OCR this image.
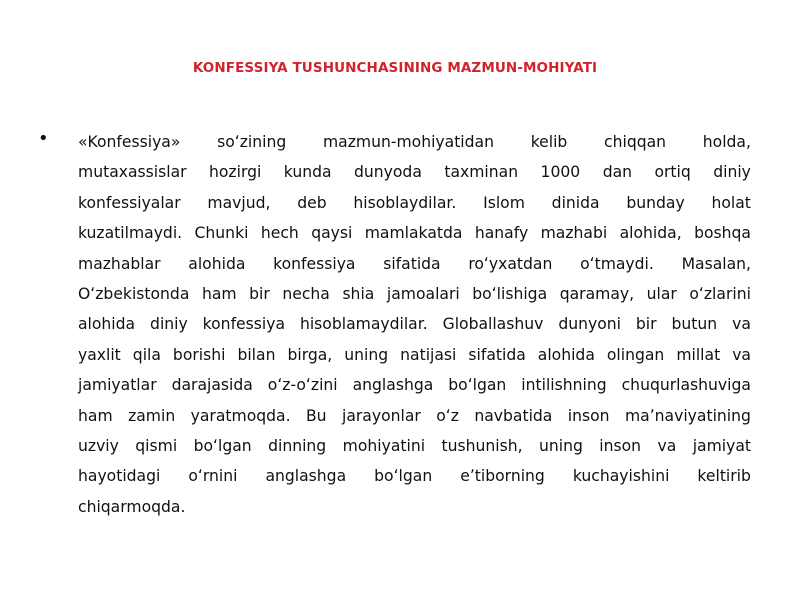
KONFESSIYA TUSHUNCHASINING MAZMUN-MOHIYATI
• «Konfessiya» soʻzining mazmun-mohiyatidan kelib chiqqan holda,
mutaxassislar hozirgi kunda dunyoda taxminan 1000 dan ortiq diniy
konfessiyalar mavjud, deb hisoblaydilar. Islom dinida bunday holat
kuzatilmaydi. Chunki hech qaysi mamlakatda hanafy mazhabi alohida, boshqa
mazhablar alohida konfessiya sifatida roʻyxatdan oʻtmaydi. Masalan,
Oʻzbekistonda ham bir necha shia jamoalari boʻlishiga qaramay, ular oʻzlarini
alohida diniy konfessiya hisoblamaydilar. Globallashuv dunyoni bir butun va
yaxlit qila borishi bilan birga, uning natijasi sifatida alohida olingan millat va
jamiyatlar darajasida oʻz-oʻzini anglashga boʻlgan intilishning chuqurlashuviga
ham zamin yaratmoqda. Bu jarayonlar oʻz navbatida inson maʼnaviyatining
uzviy qismi boʻlgan dinning mohiyatini tushunish, uning inson va jamiyat
hayotidagi oʻrnini anglashga boʻlgan eʼtiborning kuchayishini keltirib
chiqarmoqda.
